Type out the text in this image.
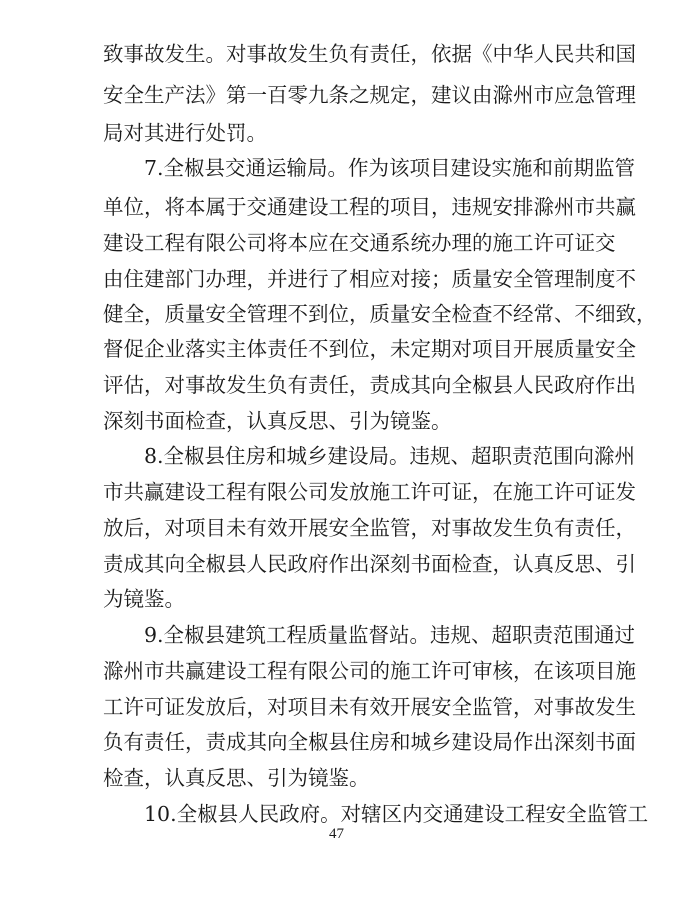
致事故发生。对事故发生负有责任，依据《中华人民共和国
安全生产法》第一百零九条之规定，建议由滁州市应急管理
局对其进行处罚。
7.全椒县交通运输局。作为该项目建设实施和前期监管
单位，将本属于交通建设工程的项目，违规安排滁州市共赢
建设工程有限公司将本应在交通系统办理的施工许可证交
由住建部门办理，并进行了相应对接；质量安全管理制度不
健全，质量安全管理不到位，质量安全检查不经常、不细致，
督促企业落实主体责任不到位，未定期对项目开展质量安全
评估，对事故发生负有责任，责成其向全椒县人民政府作出
深刻书面检查，认真反思、引为镜鉴。
8.全椒县住房和城乡建设局。违规、超职责范围向滁州
市共赢建设工程有限公司发放施工许可证，在施工许可证发
放后，对项目未有效开展安全监管，对事故发生负有责任，
责成其向全椒县人民政府作出深刻书面检查，认真反思、引
为镜鉴。
9.全椒县建筑工程质量监督站。违规、超职责范围通过
滁州市共赢建设工程有限公司的施工许可审核，在该项目施
工许可证发放后，对项目未有效开展安全监管，对事故发生
负有责任，责成其向全椒县住房和城乡建设局作出深刻书面
检查，认真反思、引为镜鉴。
10.全椒县人民政府。对辖区内交通建设工程安全监管工
47
